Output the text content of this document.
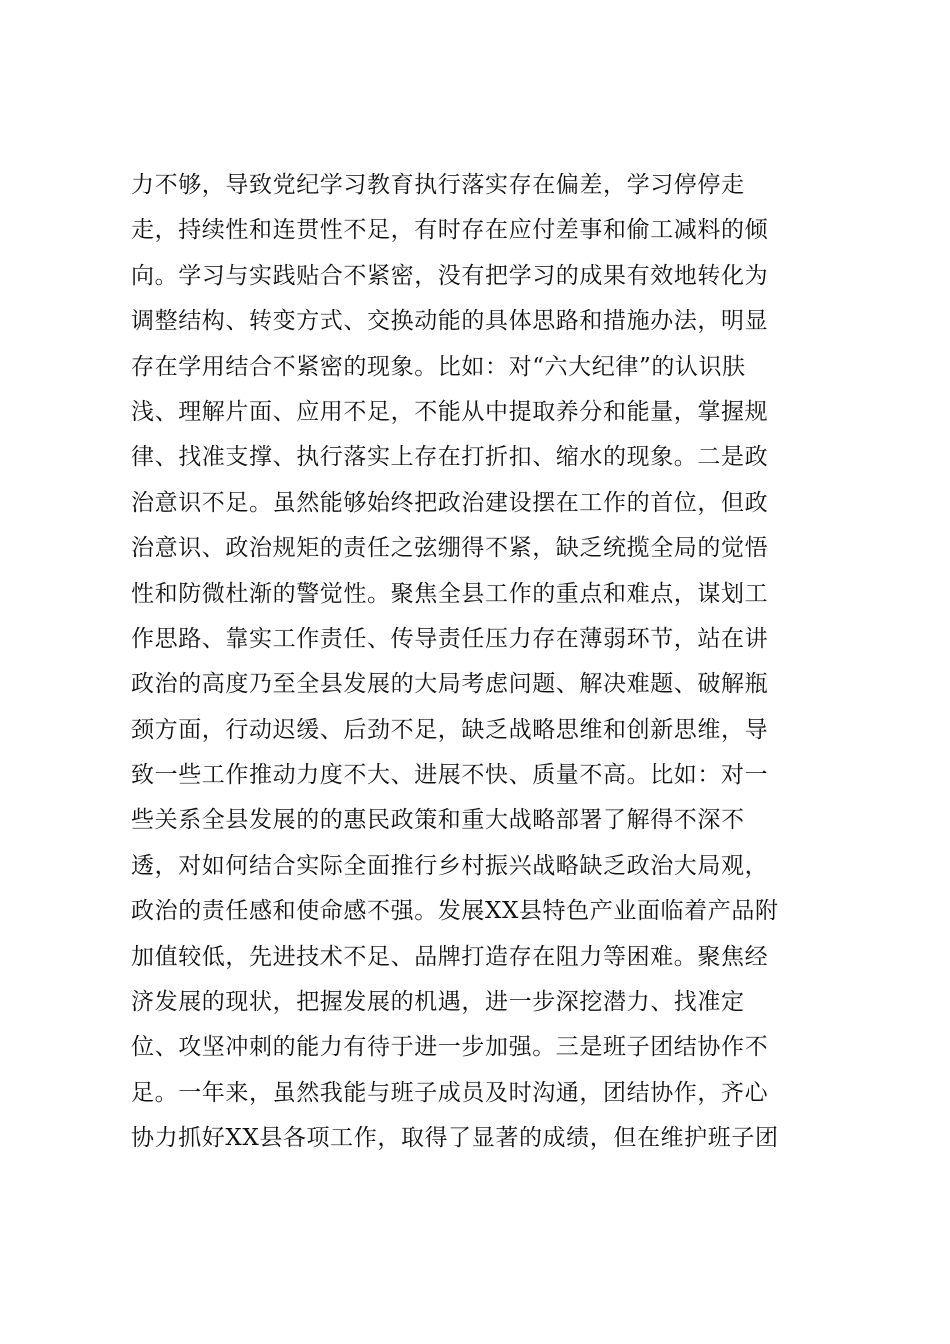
力不够，导致党纪学习教育执行落实存在偏差，学习停停走
走，持续性和连贯性不足，有时存在应付差事和偷工减料的倾
向。学习与实践贴合不紧密，没有把学习的成果有效地转化为
调整结构、转变方式、交换动能的具体思路和措施办法，明显
存在学用结合不紧密的现象。比如：对“六大纪律”的认识肤
浅、理解片面、应用不足，不能从中提取养分和能量，掌握规
律、找准支撑、执行落实上存在打折扣、缩水的现象。二是政
治意识不足。虽然能够始终把政治建设摆在工作的首位，但政
治意识、政治规矩的责任之弦绷得不紧，缺乏统揽全局的觉悟
性和防微杜渐的警觉性。聚焦全县工作的重点和难点，谋划工
作思路、靠实工作责任、传导责任压力存在薄弱环节，站在讲
政治的高度乃至全县发展的大局考虑问题、解决难题、破解瓶
颈方面，行动迟缓、后劲不足，缺乏战略思维和创新思维，导
致一些工作推动力度不大、进展不快、质量不高。比如：对一
些关系全县发展的的惠民政策和重大战略部署了解得不深不
透，对如何结合实际全面推行乡村振兴战略缺乏政治大局观，
政治的责任感和使命感不强。发展XX县特色产业面临着产品附
加值较低，先进技术不足、品牌打造存在阻力等困难。聚焦经
济发展的现状，把握发展的机遇，进一步深挖潜力、找准定
位、攻坚冲刺的能力有待于进一步加强。三是班子团结协作不
足。一年来，虽然我能与班子成员及时沟通，团结协作，齐心
协力抓好XX县各项工作，取得了显著的成绩，但在维护班子团
